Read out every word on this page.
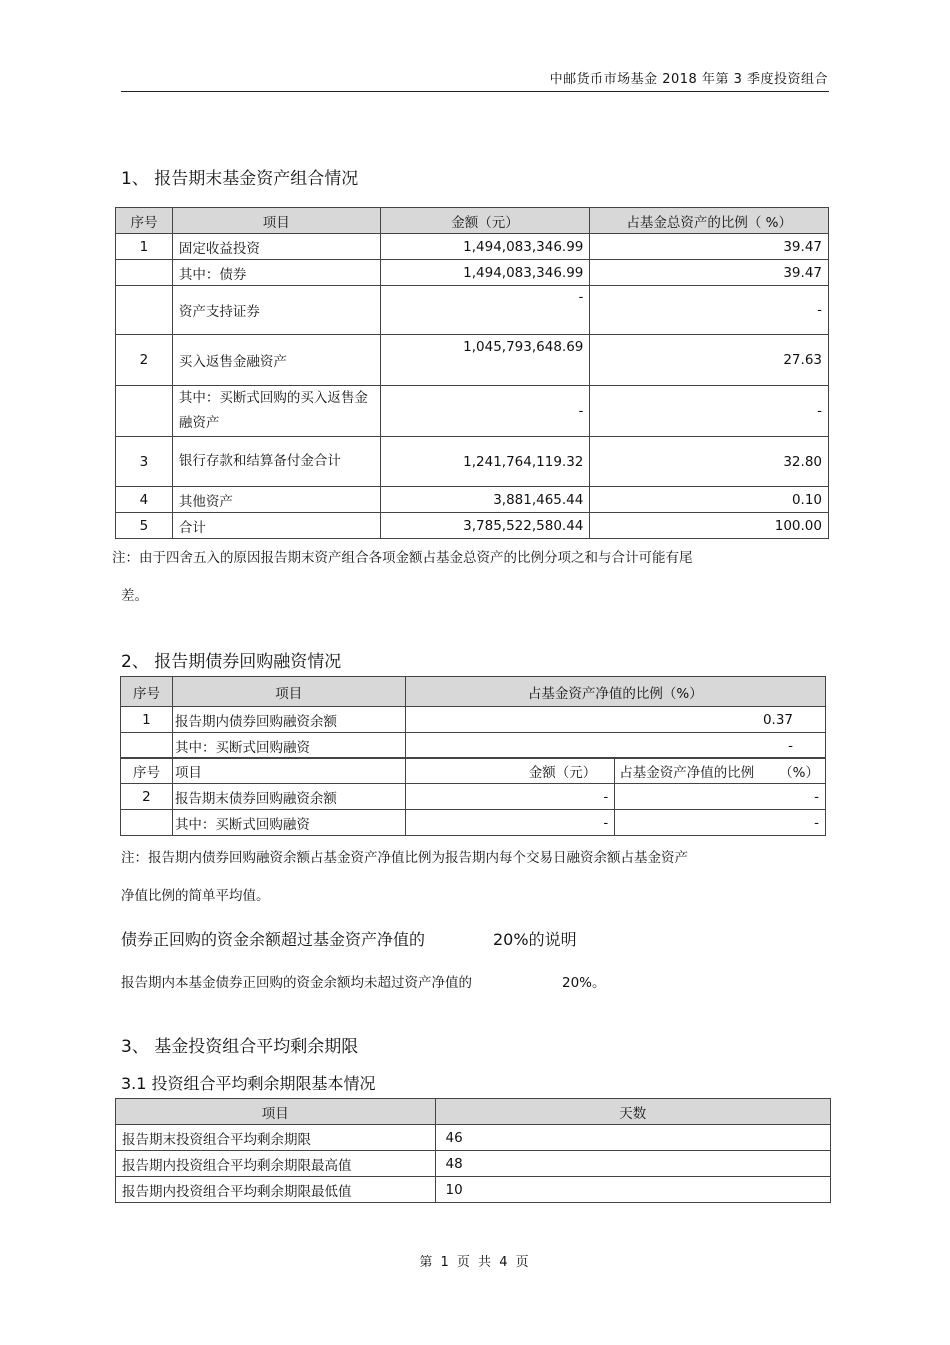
中邮货币市场基金 2018 年第 3 季度投资组合
1、 报告期末基金资产组合情况
序号	项目	金额（元）	占基金总资产的比例（ %）
1	固定收益投资	1,494,083,346.99	39.47
	其中：债券	1,494,083,346.99	39.47
	资产支持证券	-	-
2	买入返售金融资产	1,045,793,648.69	27.63
	其中：买断式回购的买入返售金融资产	-	-
3	银行存款和结算备付金合计	1,241,764,119.32	32.80
4	其他资产	3,881,465.44	0.10
5	合计	3,785,522,580.44	100.00
注：由于四舍五入的原因报告期末资产组合各项金额占基金总资产的比例分项之和与合计可能有尾
差。
2、 报告期债券回购融资情况
序号	项目	占基金资产净值的比例（%）
1	报告期内债券回购融资余额	0.37
	其中：买断式回购融资	-
序号	项目	金额（元）	占基金资产净值的比例 （%）

2	报告期末债券回购融资余额	-	-
	其中：买断式回购融资	-	-
注：报告期内债券回购融资余额占基金资产净值比例为报告期内每个交易日融资余额占基金资产
净值比例的简单平均值。
债券正回购的资金余额超过基金资产净值的	20%的说明
报告期内本基金债券正回购的资金余额均未超过资产净值的	20%。
3、 基金投资组合平均剩余期限
3.1 投资组合平均剩余期限基本情况
项目	天数
报告期末投资组合平均剩余期限	46
报告期内投资组合平均剩余期限最高值	48
报告期内投资组合平均剩余期限最低值	10
第 1 页 共 4 页
